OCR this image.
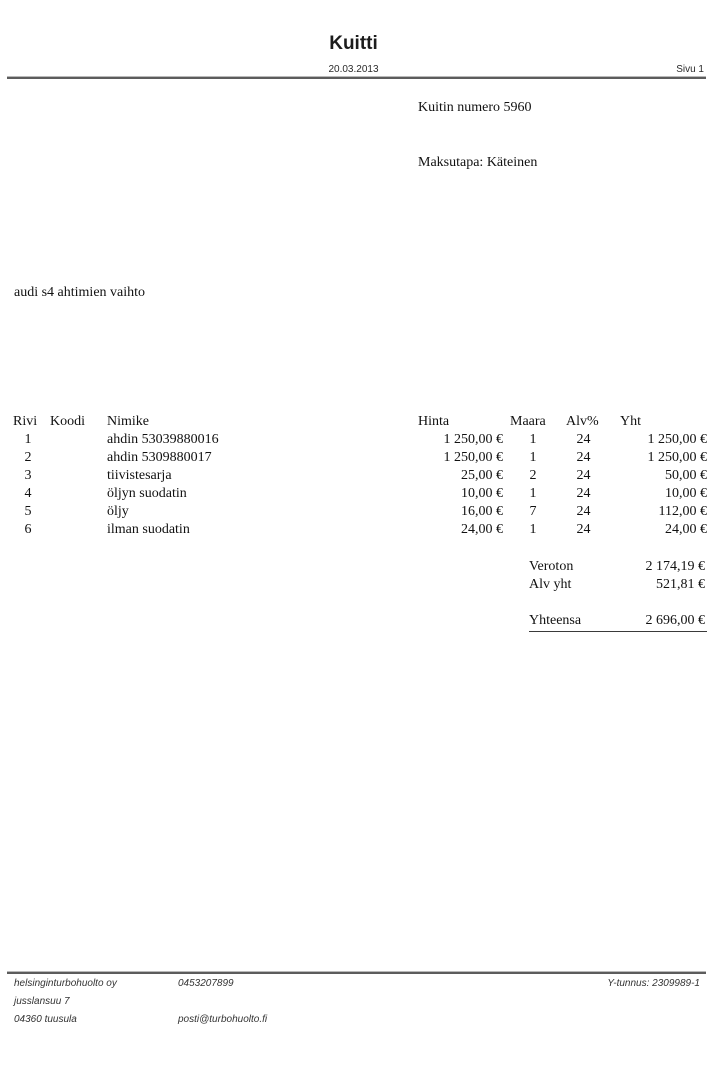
Kuitti
20.03.2013	Sivu 1
Kuitin numero 5960
Maksutapa: Käteinen
audi s4 ahtimien vaihto
Rivi Koodi	Nimike	Hinta	Maara	Alv% Yht
1	ahdin 53039880016	1 250,00 €	1	24	1 250,00 €
2	ahdin 5309880017	1 250,00 €	1	24	1 250,00 €
3	tiivistesarja	25,00 €	2	24	50,00 €
4	öljyn suodatin	10,00 €	1	24	10,00 €
5	öljy	16,00 €	7	24	112,00 €
6	ilman suodatin	24,00 €	1	24	24,00 €
Veroton	2 174,19 €
Alv yht	521,81 €
Yhteensa	2 696,00 €
helsinginturbohuolto oy	0453207899	Y-tunnus: 2309989-1
jusslansuu 7
04360 tuusula	posti@turbohuolto.fi
